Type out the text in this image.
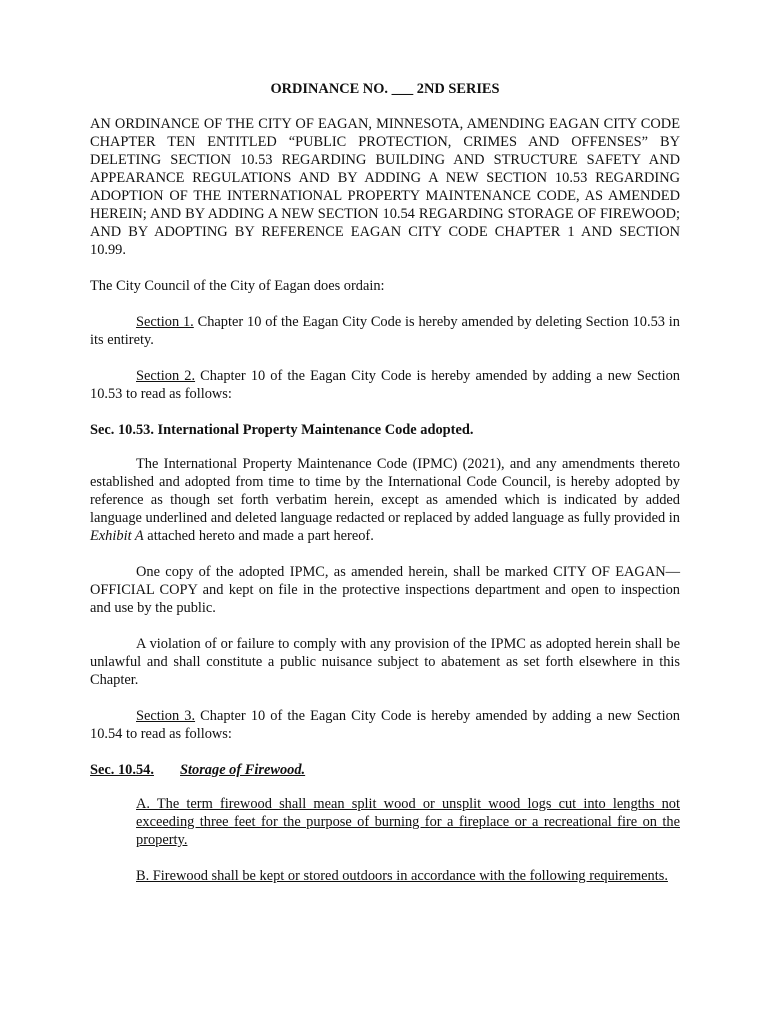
ORDINANCE NO. ___ 2ND SERIES

AN ORDINANCE OF THE CITY OF EAGAN, MINNESOTA, AMENDING EAGAN CITY CODE CHAPTER TEN ENTITLED “PUBLIC PROTECTION, CRIMES AND OFFENSES” BY DELETING SECTION 10.53 REGARDING BUILDING AND STRUCTURE SAFETY AND APPEARANCE REGULATIONS AND BY ADDING A NEW SECTION 10.53 REGARDING ADOPTION OF THE INTERNATIONAL PROPERTY MAINTENANCE CODE, AS AMENDED HEREIN; AND BY ADDING A NEW SECTION 10.54 REGARDING STORAGE OF FIREWOOD; AND BY ADOPTING BY REFERENCE EAGAN CITY CODE CHAPTER 1 AND SECTION 10.99.

The City Council of the City of Eagan does ordain:

Section 1. Chapter 10 of the Eagan City Code is hereby amended by deleting Section 10.53 in its entirety.

Section 2. Chapter 10 of the Eagan City Code is hereby amended by adding a new Section 10.53 to read as follows:

Sec. 10.53. International Property Maintenance Code adopted.

The International Property Maintenance Code (IPMC) (2021), and any amendments thereto established and adopted from time to time by the International Code Council, is hereby adopted by reference as though set forth verbatim herein, except as amended which is indicated by added language underlined and deleted language redacted or replaced by added language as fully provided in Exhibit A attached hereto and made a part hereof.

One copy of the adopted IPMC, as amended herein, shall be marked CITY OF EAGAN—OFFICIAL COPY and kept on file in the protective inspections department and open to inspection and use by the public.

A violation of or failure to comply with any provision of the IPMC as adopted herein shall be unlawful and shall constitute a public nuisance subject to abatement as set forth elsewhere in this Chapter.

Section 3. Chapter 10 of the Eagan City Code is hereby amended by adding a new Section 10.54 to read as follows:

Sec. 10.54. Storage of Firewood.

A. The term firewood shall mean split wood or unsplit wood logs cut into lengths not exceeding three feet for the purpose of burning for a fireplace or a recreational fire on the property.

B. Firewood shall be kept or stored outdoors in accordance with the following requirements.
